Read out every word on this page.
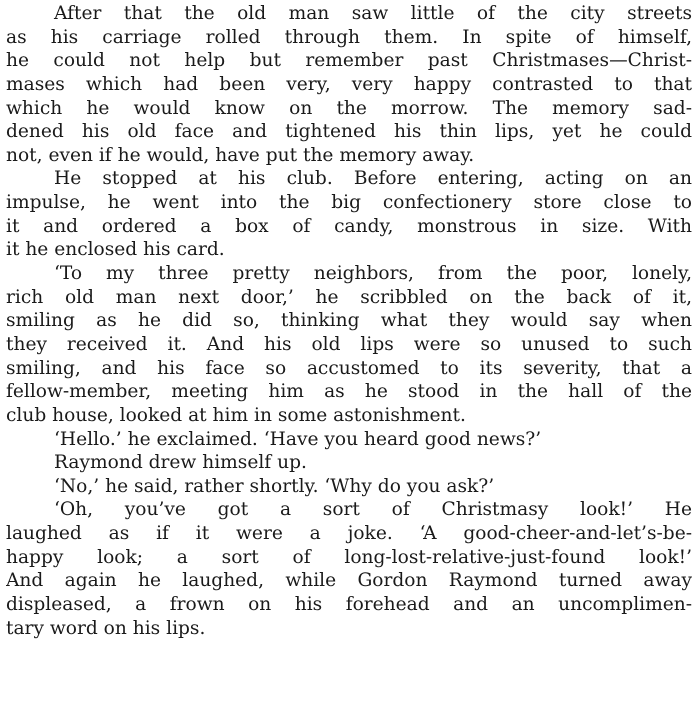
After that the old man saw little of the city streets
as his carriage rolled through them. In spite of himself,
he could not help but remember past Christmases—Christ-
mases which had been very, very happy contrasted to that
which he would know on the morrow. The memory sad-
dened his old face and tightened his thin lips, yet he could
not, even if he would, have put the memory away.
He stopped at his club. Before entering, acting on an
impulse, he went into the big confectionery store close to
it and ordered a box of candy, monstrous in size. With
it he enclosed his card.
‘To my three pretty neighbors, from the poor, lonely,
rich old man next door,’ he scribbled on the back of it,
smiling as he did so, thinking what they would say when
they received it. And his old lips were so unused to such
smiling, and his face so accustomed to its severity, that a
fellow-member, meeting him as he stood in the hall of the
club house, looked at him in some astonishment.
‘Hello.’ he exclaimed. ‘Have you heard good news?’
Raymond drew himself up.
‘No,’ he said, rather shortly. ‘Why do you ask?’
‘Oh, you’ve got a sort of Christmasy look!’ He
laughed as if it were a joke. ‘A good-cheer-and-let’s-be-
happy look; a sort of long-lost-relative-just-found look!’
And again he laughed, while Gordon Raymond turned away
displeased, a frown on his forehead and an uncomplimen-
tary word on his lips.
